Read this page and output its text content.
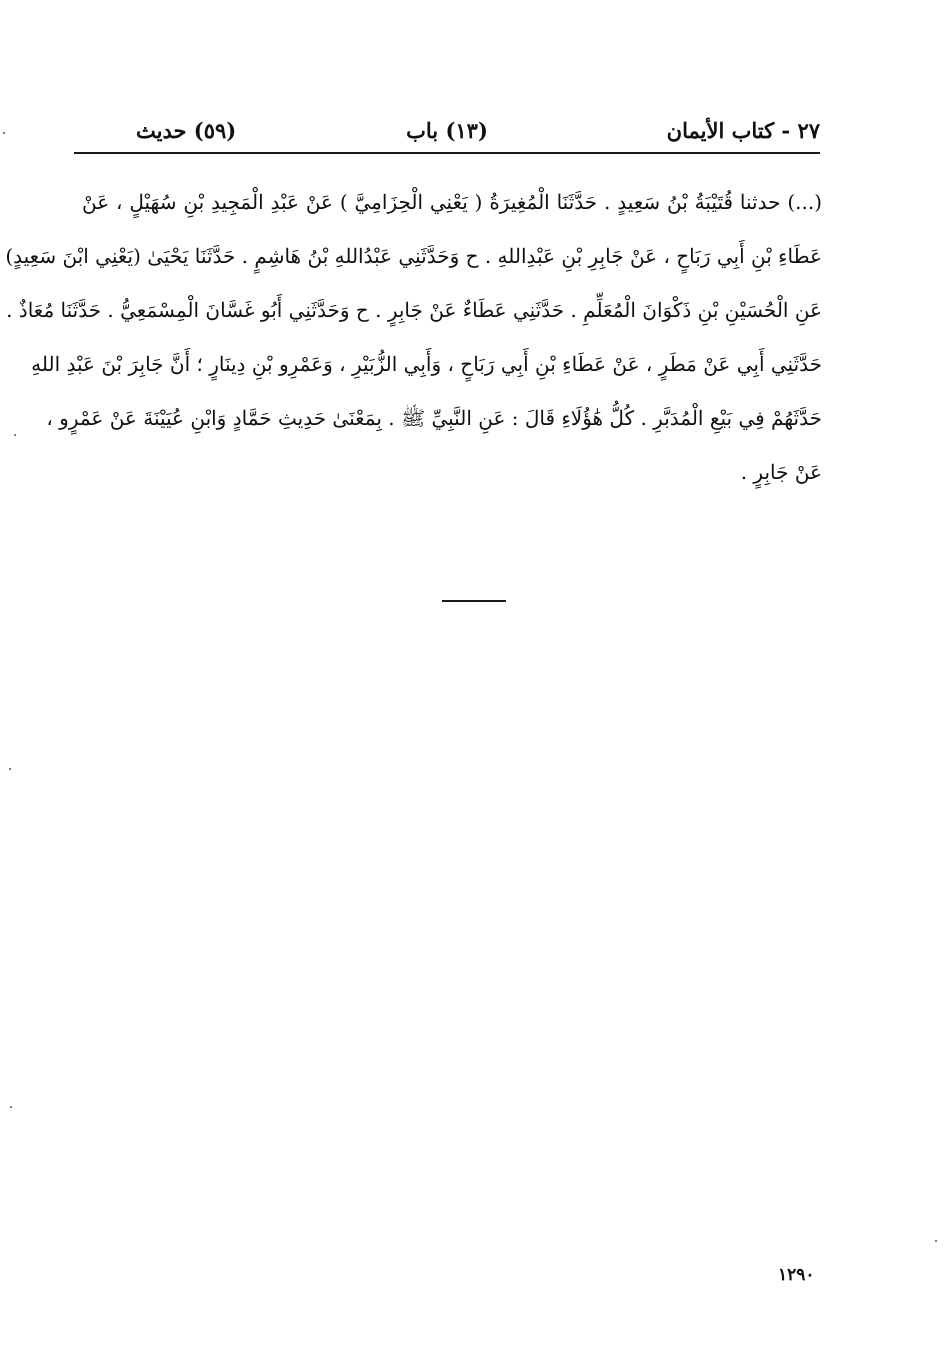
٢٧ - كتاب الأيمان
(١٣) باب
(٥٩) حديث
(...) حدثنا قُتَيْبَةُ بْنُ سَعِيدٍ . حَدَّثَنَا الْمُغِيرَةُ ( يَعْنِي الْحِزَامِيَّ ) عَنْ عَبْدِ الْمَجِيدِ بْنِ سُهَيْلٍ ، عَنْ
عَطَاءِ بْنِ أَبِي رَبَاحٍ ، عَنْ جَابِرِ بْنِ عَبْدِاللهِ . ح وَحَدَّثَنِي عَبْدُاللهِ بْنُ هَاشِمٍ . حَدَّثَنَا يَحْيَىٰ (يَعْنِي ابْنَ سَعِيدٍ)
عَنِ الْحُسَيْنِ بْنِ ذَكْوَانَ الْمُعَلِّمِ . حَدَّثَنِي عَطَاءٌ عَنْ جَابِرٍ . ح وَحَدَّثَنِي أَبُو غَسَّانَ الْمِسْمَعِيُّ . حَدَّثَنَا مُعَاذٌ .
حَدَّثَنِي أَبِي عَنْ مَطَرٍ ، عَنْ عَطَاءِ بْنِ أَبِي رَبَاحٍ ، وَأَبِي الزُّبَيْرِ ، وَعَمْرِو بْنِ دِينَارٍ ؛ أَنَّ جَابِرَ بْنَ عَبْدِ اللهِ
حَدَّثَهُمْ فِي بَيْعِ الْمُدَبَّرِ . كُلُّ هَٰؤُلَاءِ قَالَ : عَنِ النَّبِيِّ ﷺ . بِمَعْنَىٰ حَدِيثِ حَمَّادٍ وَابْنِ عُيَيْنَةَ عَنْ عَمْرٍو ،
عَنْ جَابِرٍ .
١٢٩٠
